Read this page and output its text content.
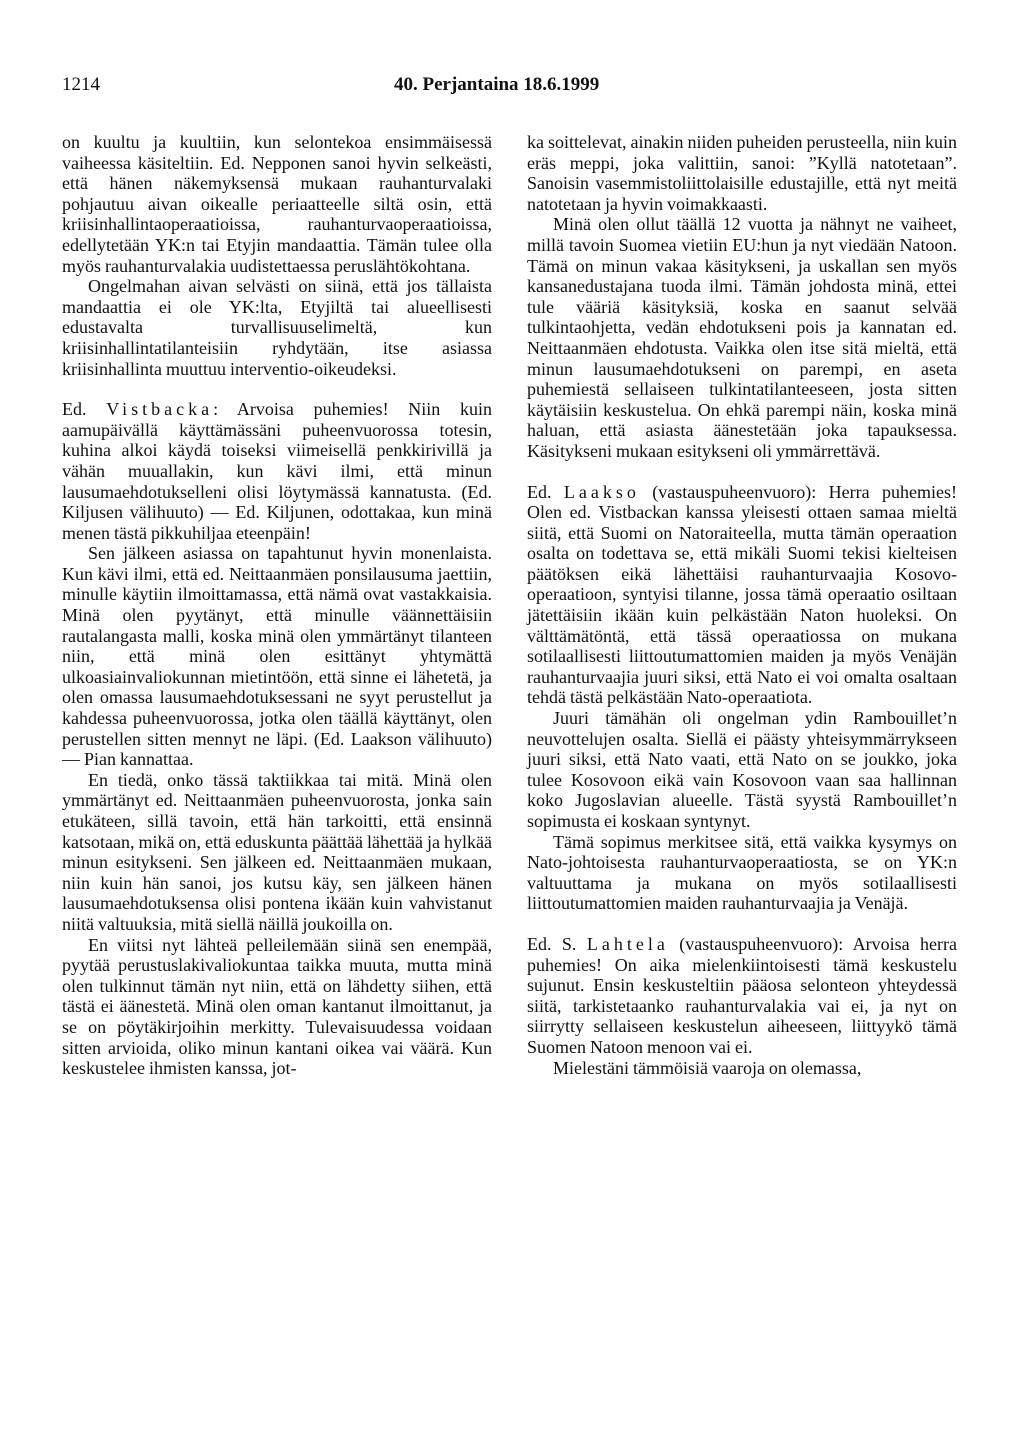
1214	40. Perjantaina 18.6.1999

on kuultu ja kuultiin, kun selontekoa ensimmäisessä vaiheessa käsiteltiin. Ed. Nepponen sanoi hyvin selkeästi, että hänen näkemyksensä mukaan rauhanturvalaki pohjautuu aivan oikealle periaatteelle siltä osin, että kriisinhallintaoperaatioissa, rauhanturvaoperaatioissa, edellytetään YK:n tai Etyjin mandaattia. Tämän tulee olla myös rauhanturvalakia uudistettaessa peruslähtökohtana.

Ongelmahan aivan selvästi on siinä, että jos tällaista mandaattia ei ole YK:lta, Etyjiltä tai alueellisesti edustavalta turvallisuuselimeltä, kun kriisinhallintatilanteisiin ryhdytään, itse asiassa kriisinhallinta muuttuu interventio-oikeudeksi.

Ed. Vistbacka: Arvoisa puhemies! Niin kuin aamupäivällä käyttämässäni puheenvuorossa totesin, kuhina alkoi käydä toiseksi viimeisellä penkkirivillä ja vähän muuallakin, kun kävi ilmi, että minun lausumaehdotukselleni olisi löytymässä kannatusta. (Ed. Kiljusen välihuuto) — Ed. Kiljunen, odottakaa, kun minä menen tästä pikkuhiljaa eteenpäin!

Sen jälkeen asiassa on tapahtunut hyvin monenlaista. Kun kävi ilmi, että ed. Neittaanmäen ponsilausuma jaettiin, minulle käytiin ilmoittamassa, että nämä ovat vastakkaisia. Minä olen pyytänyt, että minulle väännettäisiin rautalangasta malli, koska minä olen ymmärtänyt tilanteen niin, että minä olen esittänyt yhtymättä ulkoasiainvaliokunnan mietintöön, että sinne ei lähetetä, ja olen omassa lausumaehdotuksessani ne syyt perustellut ja kahdessa puheenvuorossa, jotka olen täällä käyttänyt, olen perustellen sitten mennyt ne läpi. (Ed. Laakson välihuuto) — Pian kannattaa.

En tiedä, onko tässä taktiikkaa tai mitä. Minä olen ymmärtänyt ed. Neittaanmäen puheenvuorosta, jonka sain etukäteen, sillä tavoin, että hän tarkoitti, että ensinnä katsotaan, mikä on, että eduskunta päättää lähettää ja hylkää minun esitykseni. Sen jälkeen ed. Neittaanmäen mukaan, niin kuin hän sanoi, jos kutsu käy, sen jälkeen hänen lausumaehdotuksensa olisi pontena ikään kuin vahvistanut niitä valtuuksia, mitä siellä näillä joukoilla on.

En viitsi nyt lähteä pelleilemään siinä sen enempää, pyytää perustuslakivaliokuntaa taikka muuta, mutta minä olen tulkinnut tämän nyt niin, että on lähdetty siihen, että tästä ei äänestetä. Minä olen oman kantanut ilmoittanut, ja se on pöytäkirjoihin merkitty. Tulevaisuudessa voidaan sitten arvioida, oliko minun kantani oikea vai väärä. Kun keskustelee ihmisten kanssa, jot-

ka soittelevat, ainakin niiden puheiden perusteella, niin kuin eräs meppi, joka valittiin, sanoi: ”Kyllä natotetaan”. Sanoisin vasemmistoliittolaisille edustajille, että nyt meitä natotetaan ja hyvin voimakkaasti.

Minä olen ollut täällä 12 vuotta ja nähnyt ne vaiheet, millä tavoin Suomea vietiin EU:hun ja nyt viedään Natoon. Tämä on minun vakaa käsitykseni, ja uskallan sen myös kansanedustajana tuoda ilmi. Tämän johdosta minä, ettei tule vääriä käsityksiä, koska en saanut selvää tulkintaohjetta, vedän ehdotukseni pois ja kannatan ed. Neittaanmäen ehdotusta. Vaikka olen itse sitä mieltä, että minun lausumaehdotukseni on parempi, en aseta puhemiestä sellaiseen tulkintatilanteeseen, josta sitten käytäisiin keskustelua. On ehkä parempi näin, koska minä haluan, että asiasta äänestetään joka tapauksessa. Käsitykseni mukaan esitykseni oli ymmärrettävä.

Ed. Laakso (vastauspuheenvuoro): Herra puhemies! Olen ed. Vistbackan kanssa yleisesti ottaen samaa mieltä siitä, että Suomi on Natoraiteella, mutta tämän operaation osalta on todettava se, että mikäli Suomi tekisi kielteisen päätöksen eikä lähettäisi rauhanturvaajia Kosovo-operaatioon, syntyisi tilanne, jossa tämä operaatio osiltaan jätettäisiin ikään kuin pelkästään Naton huoleksi. On välttämätöntä, että tässä operaatiossa on mukana sotilaallisesti liittoutumattomien maiden ja myös Venäjän rauhanturvaajia juuri siksi, että Nato ei voi omalta osaltaan tehdä tästä pelkästään Nato-operaatiota.

Juuri tämähän oli ongelman ydin Rambouillet’n neuvottelujen osalta. Siellä ei päästy yhteisymmärrykseen juuri siksi, että Nato vaati, että Nato on se joukko, joka tulee Kosovoon eikä vain Kosovoon vaan saa hallinnan koko Jugoslavian alueelle. Tästä syystä Rambouillet’n sopimusta ei koskaan syntynyt.

Tämä sopimus merkitsee sitä, että vaikka kysymys on Nato-johtoisesta rauhanturvaoperaatiosta, se on YK:n valtuuttama ja mukana on myös sotilaallisesti liittoutumattomien maiden rauhanturvaajia ja Venäjä.

Ed. S. Lahtela (vastauspuheenvuoro): Arvoisa herra puhemies! On aika mielenkiintoisesti tämä keskustelu sujunut. Ensin keskusteltiin pääosa selonteon yhteydessä siitä, tarkistetaanko rauhanturvalakia vai ei, ja nyt on siirrytty sellaiseen keskustelun aiheeseen, liittyykö tämä Suomen Natoon menoon vai ei.

Mielestäni tämmöisiä vaaroja on olemassa,
